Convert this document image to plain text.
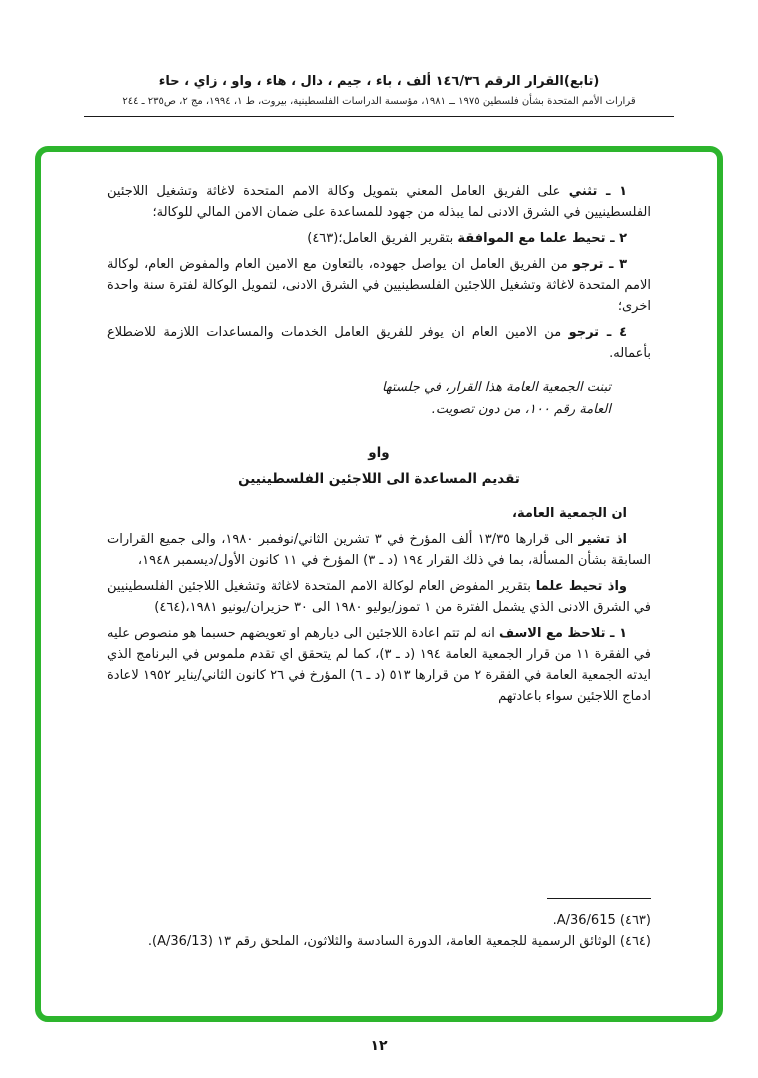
(تابع)القرار الرقم ١٤٦/٣٦ ألف ، باء ، جيم ، دال ، هاء ، واو ، زاي ، حاء
قرارات الأمم المتحدة بشأن فلسطين ١٩٧٥ ــ ١٩٨١، مؤسسة الدراسات الفلسطينية، بيروت، ط ١، ١٩٩٤، مج ٢، ص٢٣٥ ـ ٢٤٤

١ ـ تثني على الفريق العامل المعني بتمويل وكالة الامم المتحدة لاغاثة وتشغيل اللاجئين الفلسطينيين في الشرق الادنى لما يبذله من جهود للمساعدة على ضمان الامن المالي للوكالة؛

٢ ـ تحيط علما مع الموافقة بتقرير الفريق العامل؛(٤٦٣)

٣ ـ ترجو من الفريق العامل ان يواصل جهوده، بالتعاون مع الامين العام والمفوض العام، لوكالة الامم المتحدة لاغاثة وتشغيل اللاجئين الفلسطينيين في الشرق الادنى، لتمويل الوكالة لفترة سنة واحدة اخرى؛

٤ ـ ترجو من الامين العام ان يوفر للفريق العامل الخدمات والمساعدات اللازمة للاضطلاع بأعماله.

تبنت الجمعية العامة هذا القرار، في جلستها العامة رقم ١٠٠، من دون تصويت.

واو
تقديم المساعدة الى اللاجئين الفلسطينيين

ان الجمعية العامة،

اذ تشير الى قرارها ١٣/٣٥ ألف المؤرخ في ٣ تشرين الثاني/نوفمبر ١٩٨٠، والى جميع القرارات السابقة بشأن المسألة، بما في ذلك القرار ١٩٤ (د ـ ٣) المؤرخ في ١١ كانون الأول/ديسمبر ١٩٤٨،

واذ تحيط علما بتقرير المفوض العام لوكالة الامم المتحدة لاغاثة وتشغيل اللاجئين الفلسطينيين في الشرق الادنى الذي يشمل الفترة من ١ تموز/يوليو ١٩٨٠ الى ٣٠ حزيران/يونيو ١٩٨١،(٤٦٤)

١ ـ تلاحظ مع الاسف انه لم تتم اعادة اللاجئين الى ديارهم او تعويضهم حسبما هو منصوص عليه في الفقرة ١١ من قرار الجمعية العامة ١٩٤ (د ـ ٣)، كما لم يتحقق اي تقدم ملموس في البرنامج الذي ايدته الجمعية العامة في الفقرة ٢ من قرارها ٥١٣ (د ـ ٦) المؤرخ في ٢٦ كانون الثاني/يناير ١٩٥٢ لاعادة ادماج اللاجئين سواء باعادتهم

(٤٦٣) A/36/615.

(٤٦٤) الوثائق الرسمية للجمعية العامة، الدورة السادسة والثلاثون، الملحق رقم ١٣ (A/36/13).

١٢
